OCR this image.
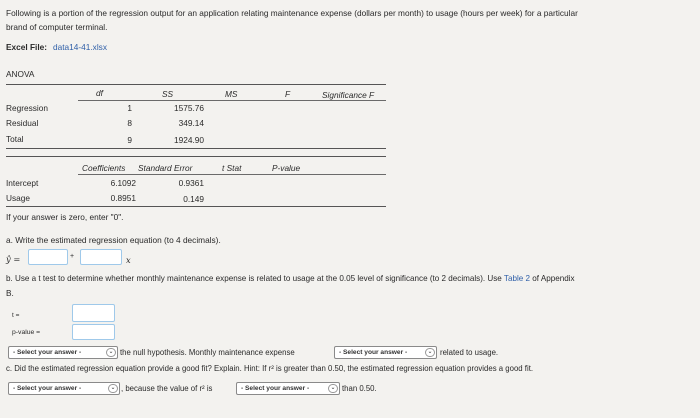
Following is a portion of the regression output for an application relating maintenance expense (dollars per month) to usage (hours per week) for a particular
brand of computer terminal.
Excel File: data14-41.xlsx
ANOVA
df	SS	MS	F	Significance F
Regression	1	1575.76
Residual	8	349.14
Total	9	1924.90
Coefficients Standard Error	t Stat	P-value
Intercept	6.1092	0.9361
Usage	0.8951	0.149
If your answer is zero, enter "0".
a. Write the estimated regression equation (to 4 decimals).
ŷ =	+	x
b. Use a t test to determine whether monthly maintenance expense is related to usage at the 0.05 level of significance (to 2 decimals). Use Table 2 of Appendix
B.
t =
p-value =
- Select your answer -	⌄ the null hypothesis. Monthly maintenance expense	- Select your answer -	⌄ related to usage.
c. Did the estimated regression equation provide a good fit? Explain. Hint: If r² is greater than 0.50, the estimated regression equation provides a good fit.
- Select your answer -	⌄ , because the value of r² is	- Select your answer -	⌄ than 0.50.
